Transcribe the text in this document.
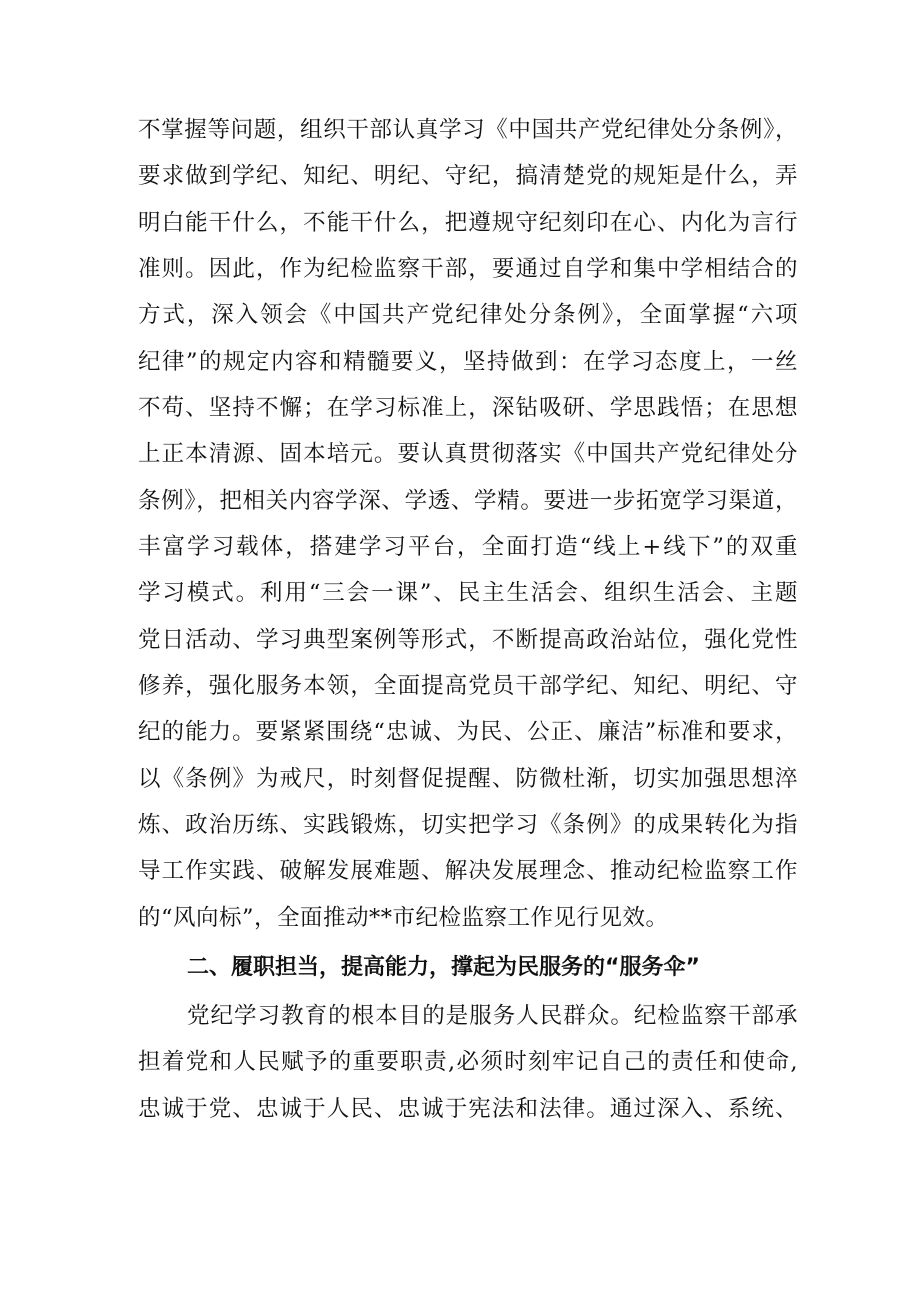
不掌握等问题，组织干部认真学习《中国共产党纪律处分条例》，
要求做到学纪、知纪、明纪、守纪，搞清楚党的规矩是什么，弄
明白能干什么，不能干什么，把遵规守纪刻印在心、内化为言行
准则。因此，作为纪检监察干部，要通过自学和集中学相结合的
方式，深入领会《中国共产党纪律处分条例》，全面掌握“六项
纪律”的规定内容和精髓要义，坚持做到：在学习态度上，一丝
不苟、坚持不懈；在学习标准上，深钻吸研、学思践悟；在思想
上正本清源、固本培元。要认真贯彻落实《中国共产党纪律处分
条例》，把相关内容学深、学透、学精。要进一步拓宽学习渠道，
丰富学习载体，搭建学习平台，全面打造“线上+线下”的双重
学习模式。利用“三会一课”、民主生活会、组织生活会、主题
党日活动、学习典型案例等形式，不断提高政治站位，强化党性
修养，强化服务本领，全面提高党员干部学纪、知纪、明纪、守
纪的能力。要紧紧围绕“忠诚、为民、公正、廉洁”标准和要求，
以《条例》为戒尺，时刻督促提醒、防微杜渐，切实加强思想淬
炼、政治历练、实践锻炼，切实把学习《条例》的成果转化为指
导工作实践、破解发展难题、解决发展理念、推动纪检监察工作
的“风向标”，全面推动**市纪检监察工作见行见效。
二、履职担当，提高能力，撑起为民服务的“服务伞”
党纪学习教育的根本目的是服务人民群众。纪检监察干部承
担着党和人民赋予的重要职责,必须时刻牢记自己的责任和使命,
忠诚于党、忠诚于人民、忠诚于宪法和法律。通过深入、系统、
